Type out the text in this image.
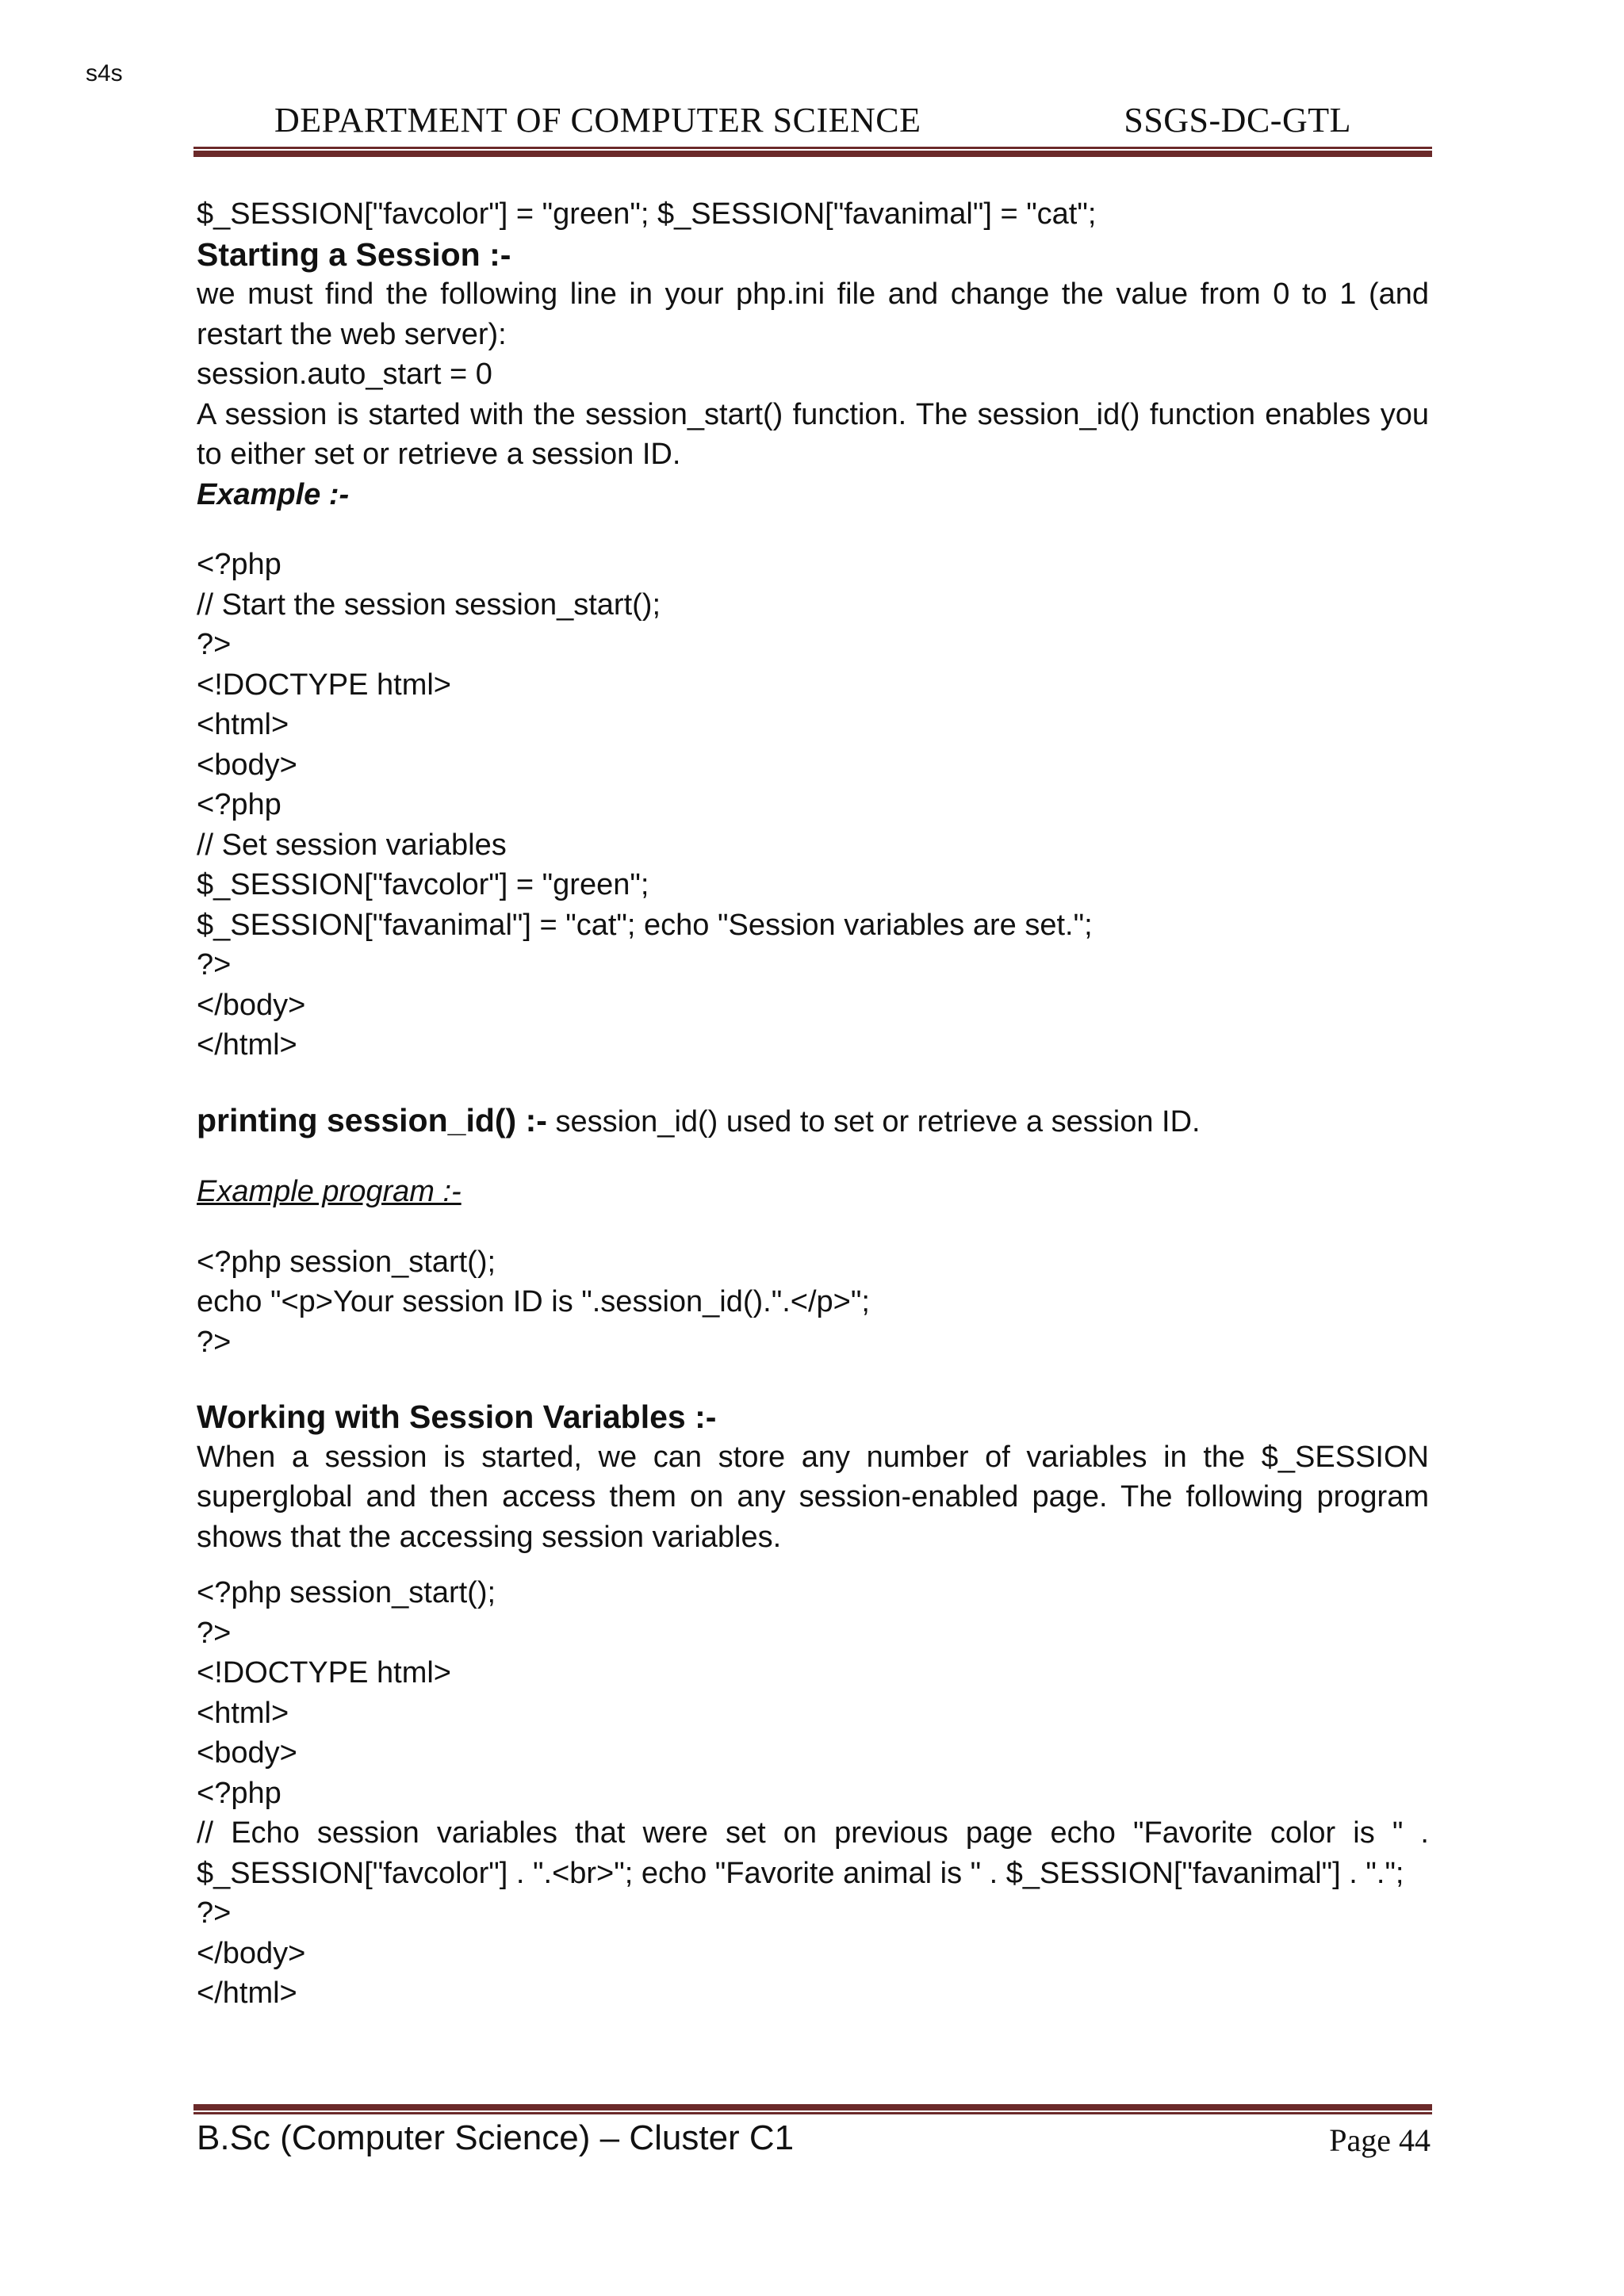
s4s
DEPARTMENT OF COMPUTER SCIENCE	SSGS-DC-GTL

$_SESSION["favcolor"] = "green"; $_SESSION["favanimal"] = "cat";

Starting a Session :-

we must find the following line in your php.ini file and change the value from 0 to 1 (and restart the web server):

session.auto_start = 0

A session is started with the session_start() function. The session_id() function enables you to either set or retrieve a session ID.

Example :-

<?php

// Start the session session_start();

?>

<!DOCTYPE html>

<html>

<body>

<?php

// Set session variables

$_SESSION["favcolor"] = "green";

$_SESSION["favanimal"] = "cat"; echo "Session variables are set.";

?>

</body>

</html>

printing session_id() :- session_id() used to set or retrieve a session ID.

Example program :-

<?php session_start();

echo "<p>Your session ID is ".session_id().".</p>";

?>

Working with Session Variables :-

When a session is started, we can store any number of variables in the $_SESSION superglobal and then access them on any session-enabled page. The following program shows that the accessing session variables.

<?php session_start();

?>

<!DOCTYPE html>

<html>

<body>

<?php

// Echo session variables that were set on previous page echo "Favorite color is " . $_SESSION["favcolor"] . ".<br>"; echo "Favorite animal is " . $_SESSION["favanimal"] . ".";

?>

</body>

</html>

B.Sc (Computer Science) – Cluster C1	Page 44
